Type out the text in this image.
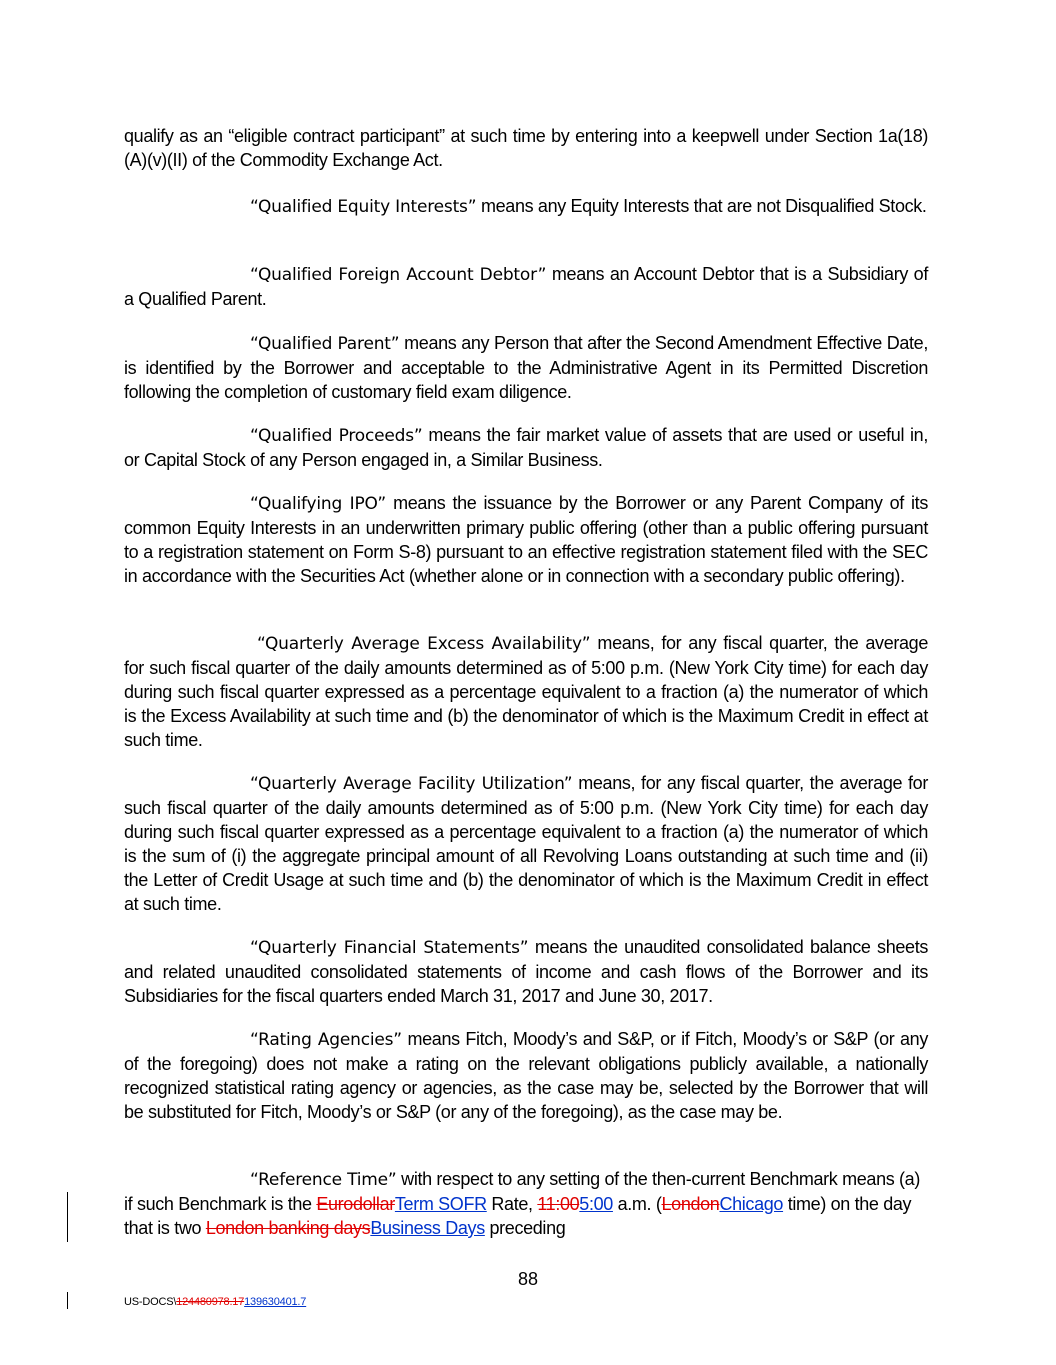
qualify as an “eligible contract participant” at such time by entering into a keepwell under Section 1a(18)(A)(v)(II) of the Commodity Exchange Act.

“Qualified Equity Interests” means any Equity Interests that are not Disqualified Stock.

“Qualified Foreign Account Debtor” means an Account Debtor that is a Subsidiary of a Qualified Parent.

“Qualified Parent” means any Person that after the Second Amendment Effective Date, is identified by the Borrower and acceptable to the Administrative Agent in its Permitted Discretion following the completion of customary field exam diligence.

“Qualified Proceeds” means the fair market value of assets that are used or useful in, or Capital Stock of any Person engaged in, a Similar Business.

“Qualifying IPO” means the issuance by the Borrower or any Parent Company of its common Equity Interests in an underwritten primary public offering (other than a public offering pursuant to a registration statement on Form S-8) pursuant to an effective registration statement filed with the SEC in accordance with the Securities Act (whether alone or in connection with a secondary public offering).

“Quarterly Average Excess Availability” means, for any fiscal quarter, the average for such fiscal quarter of the daily amounts determined as of 5:00 p.m. (New York City time) for each day during such fiscal quarter expressed as a percentage equivalent to a fraction (a) the numerator of which is the Excess Availability at such time and (b) the denominator of which is the Maximum Credit in effect at such time.

“Quarterly Average Facility Utilization” means, for any fiscal quarter, the average for such fiscal quarter of the daily amounts determined as of 5:00 p.m. (New York City time) for each day during such fiscal quarter expressed as a percentage equivalent to a fraction (a) the numerator of which is the sum of (i) the aggregate principal amount of all Revolving Loans outstanding at such time and (ii) the Letter of Credit Usage at such time and (b) the denominator of which is the Maximum Credit in effect at such time.

“Quarterly Financial Statements” means the unaudited consolidated balance sheets and related unaudited consolidated statements of income and cash flows of the Borrower and its Subsidiaries for the fiscal quarters ended March 31, 2017 and June 30, 2017.

“Rating Agencies” means Fitch, Moody’s and S&P, or if Fitch, Moody’s or S&P (or any of the foregoing) does not make a rating on the relevant obligations publicly available, a nationally recognized statistical rating agency or agencies, as the case may be, selected by the Borrower that will be substituted for Fitch, Moody’s or S&P (or any of the foregoing), as the case may be.

“Reference Time” with respect to any setting of the then-current Benchmark means (a) if such Benchmark is the EurodollarTerm SOFR Rate, 11:005:00 a.m. (LondonChicago time) on the day that is two London banking daysBusiness Days preceding

88
US-DOCS\124480978.17139630401.7
